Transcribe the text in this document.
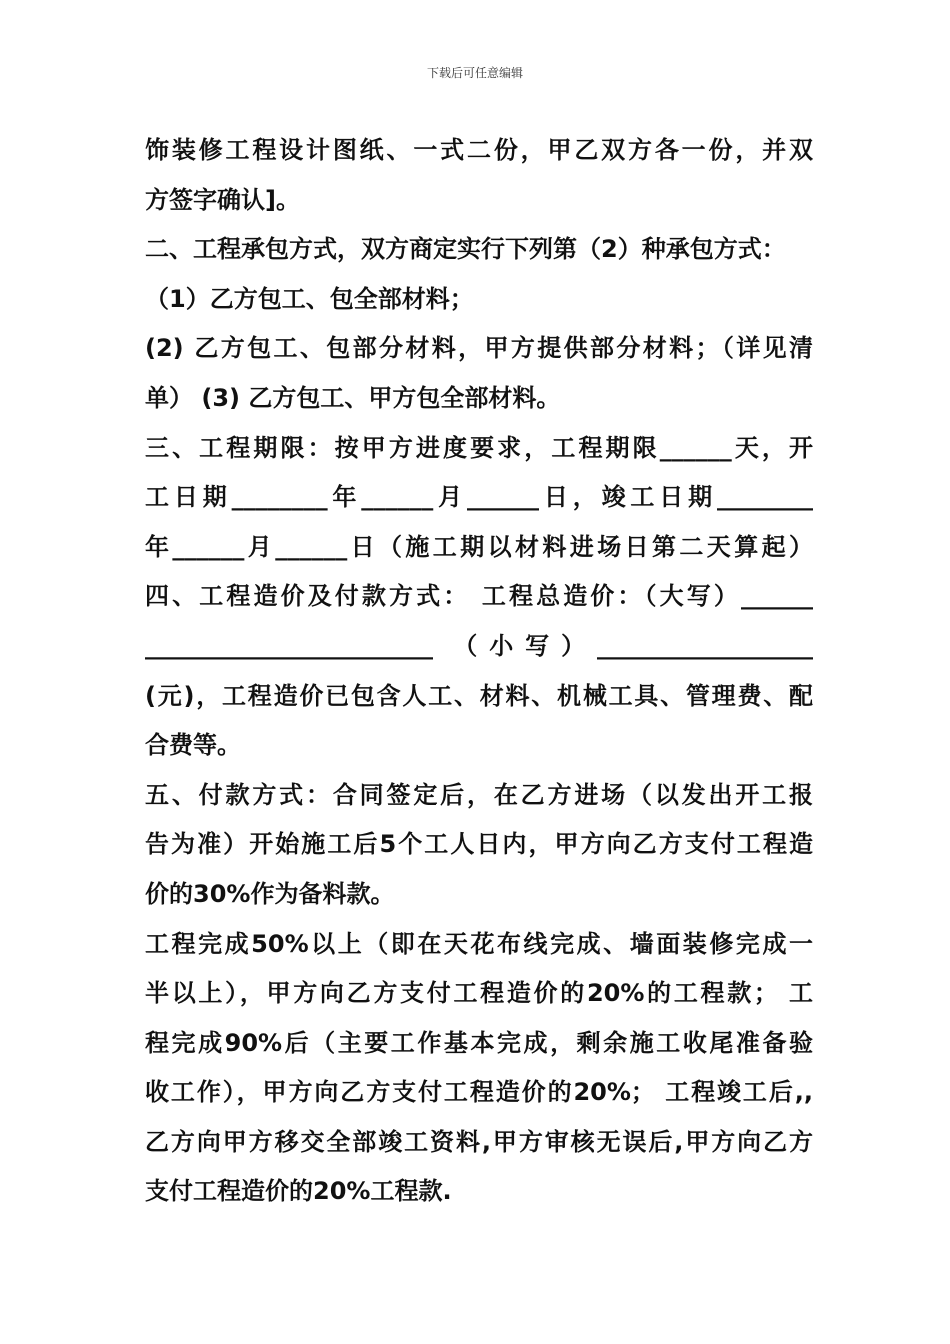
下载后可任意编辑
饰装修工程设计图纸、一式二份，甲乙双方各一份，并双
方签字确认]。
二、工程承包方式，双方商定实行下列第（2）种承包方式：
（1）乙方包工、包全部材料；
(2) 乙方包工、包部分材料，甲方提供部分材料；（详见清
单） (3) 乙方包工、甲方包全部材料。
三、工程期限：按甲方进度要求，工程期限______天，开
工日期________年______月______日，竣工日期________
年______月______日（施工期以材料进场日第二天算起）
四、工程造价及付款方式： 工程总造价：（大写）______
________________________ （小写）__________________
(元)，工程造价已包含人工、材料、机械工具、管理费、配
合费等。
五、付款方式：合同签定后，在乙方进场（以发出开工报
告为准）开始施工后5个工人日内，甲方向乙方支付工程造
价的30%作为备料款。
工程完成50%以上（即在天花布线完成、墙面装修完成一
半以上），甲方向乙方支付工程造价的20%的工程款； 工
程完成90%后（主要工作基本完成，剩余施工收尾准备验
收工作），甲方向乙方支付工程造价的20%； 工程竣工后,,
乙方向甲方移交全部竣工资料,甲方审核无误后,甲方向乙方
支付工程造价的20%工程款.
